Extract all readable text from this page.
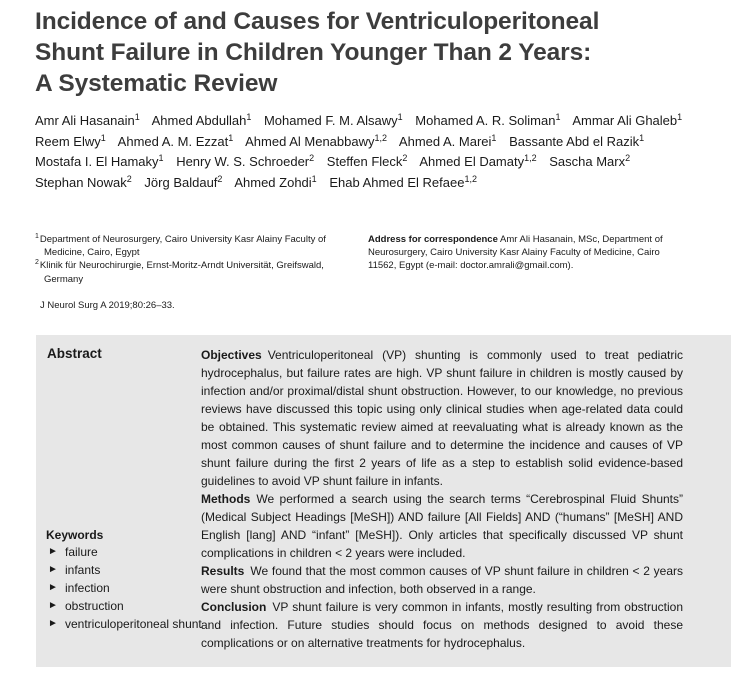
Incidence of and Causes for Ventriculoperitoneal
Shunt Failure in Children Younger Than 2 Years:
A Systematic Review
Amr Ali Hasanain$^1$ Ahmed Abdullah$^1$ Mohamed F. M. Alsawy$^1$ Mohamed A. R. Soliman$^1$ Ammar Ali Ghaleb$^1$ Reem Elwy$^1$ Ahmed A. M. Ezzat$^1$ Ahmed Al Menabbawy$^{1,2}$ Ahmed A. Marei$^1$ Bassante Abd el Razik$^1$ Mostafa I. El Hamaky$^1$ Henry W. S. Schroeder$^2$ Steffen Fleck$^2$ Ahmed El Damaty$^{1,2}$ Sascha Marx$^2$ Stephan Nowak$^2$ Jörg Baldauf$^2$ Ahmed Zohdi$^1$ Ehab Ahmed El Refaee$^{1,2}$
$^1$Department of Neurosurgery, Cairo University Kasr Alainy Faculty of Medicine, Cairo, Egypt
$^2$Klinik für Neurochirurgie, Ernst-Moritz-Arndt Universität, Greifswald, Germany
Address for correspondence Amr Ali Hasanain, MSc, Department of Neurosurgery, Cairo University Kasr Alainy Faculty of Medicine, Cairo 11562, Egypt (e-mail: doctor.amrali@gmail.com).
J Neurol Surg A 2019;80:26–33.
Abstract
Keywords
► failure
► infants
► infection
► obstruction
► ventriculoperitoneal shunt

Objectives Ventriculoperitoneal (VP) shunting is commonly used to treat pediatric hydrocephalus, but failure rates are high. VP shunt failure in children is mostly caused by infection and/or proximal/distal shunt obstruction. However, to our knowledge, no previous reviews have discussed this topic using only clinical studies when age-related data could be obtained. This systematic review aimed at reevaluating what is already known as the most common causes of shunt failure and to determine the incidence and causes of VP shunt failure during the first 2 years of life as a step to establish solid evidence-based guidelines to avoid VP shunt failure in infants.

Methods We performed a search using the search terms “Cerebrospinal Fluid Shunts” (Medical Subject Headings [MeSH]) AND failure [All Fields] AND (“humans” [MeSH] AND English [lang] AND “infant” [MeSH]). Only articles that specifically discussed VP shunt complications in children < 2 years were included.

Results We found that the most common causes of VP shunt failure in children < 2 years were shunt obstruction and infection, both observed in a range.

Conclusion VP shunt failure is very common in infants, mostly resulting from obstruction and infection. Future studies should focus on methods designed to avoid these complications or on alternative treatments for hydrocephalus.
